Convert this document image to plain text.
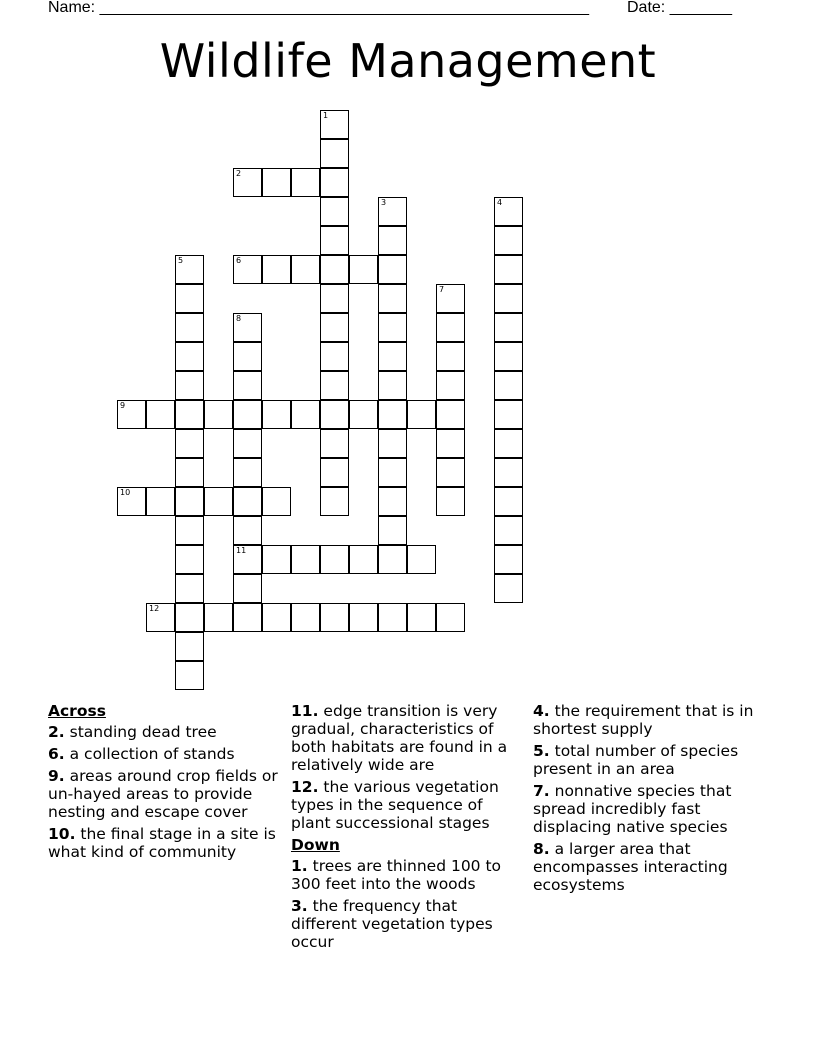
Name: _______________________________________________________ Date: _______
Wildlife Management
1
2
3	4
5	6
7
8
11
9
10
12
Across
2. standing dead tree
6. a collection of stands
9. areas around crop fields or un-hayed areas to provide nesting and escape cover
10. the final stage in a site is what kind of community
11. edge transition is very gradual, characteristics of both habitats are found in a relatively wide are
12. the various vegetation types in the sequence of plant successional stages
Down
1. trees are thinned 100 to 300 feet into the woods
3. the frequency that different vegetation types occur
4. the requirement that is in shortest supply
5. total number of species present in an area
7. nonnative species that spread incredibly fast displacing native species
8. a larger area that encompasses interacting ecosystems
